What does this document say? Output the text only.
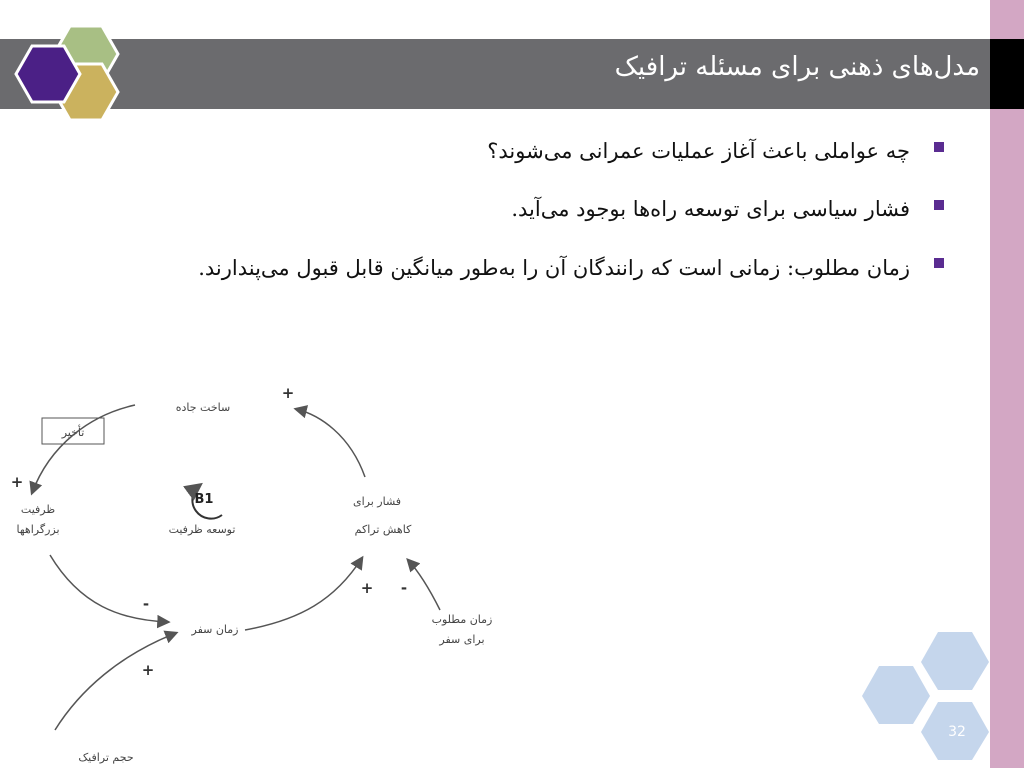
مدل‌های ذهنی برای مسئله ترافیک
چه عواملی باعث آغاز عملیات عمرانی می‌شوند؟
فشار سیاسی برای توسعه راه‌ها بوجود می‌آید.
زمان مطلوب: زمانی است که رانندگان آن را به‌طور میانگین قابل قبول می‌پندارند.
ساخت جاده
تأخیر
ظرفیت
بزرگراهها
فشار برای
کاهش تراکم
زمان سفر
زمان مطلوب
برای سفر
حجم ترافیک
B1
توسعه ظرفیت
+
+
-
+ -
+
32
